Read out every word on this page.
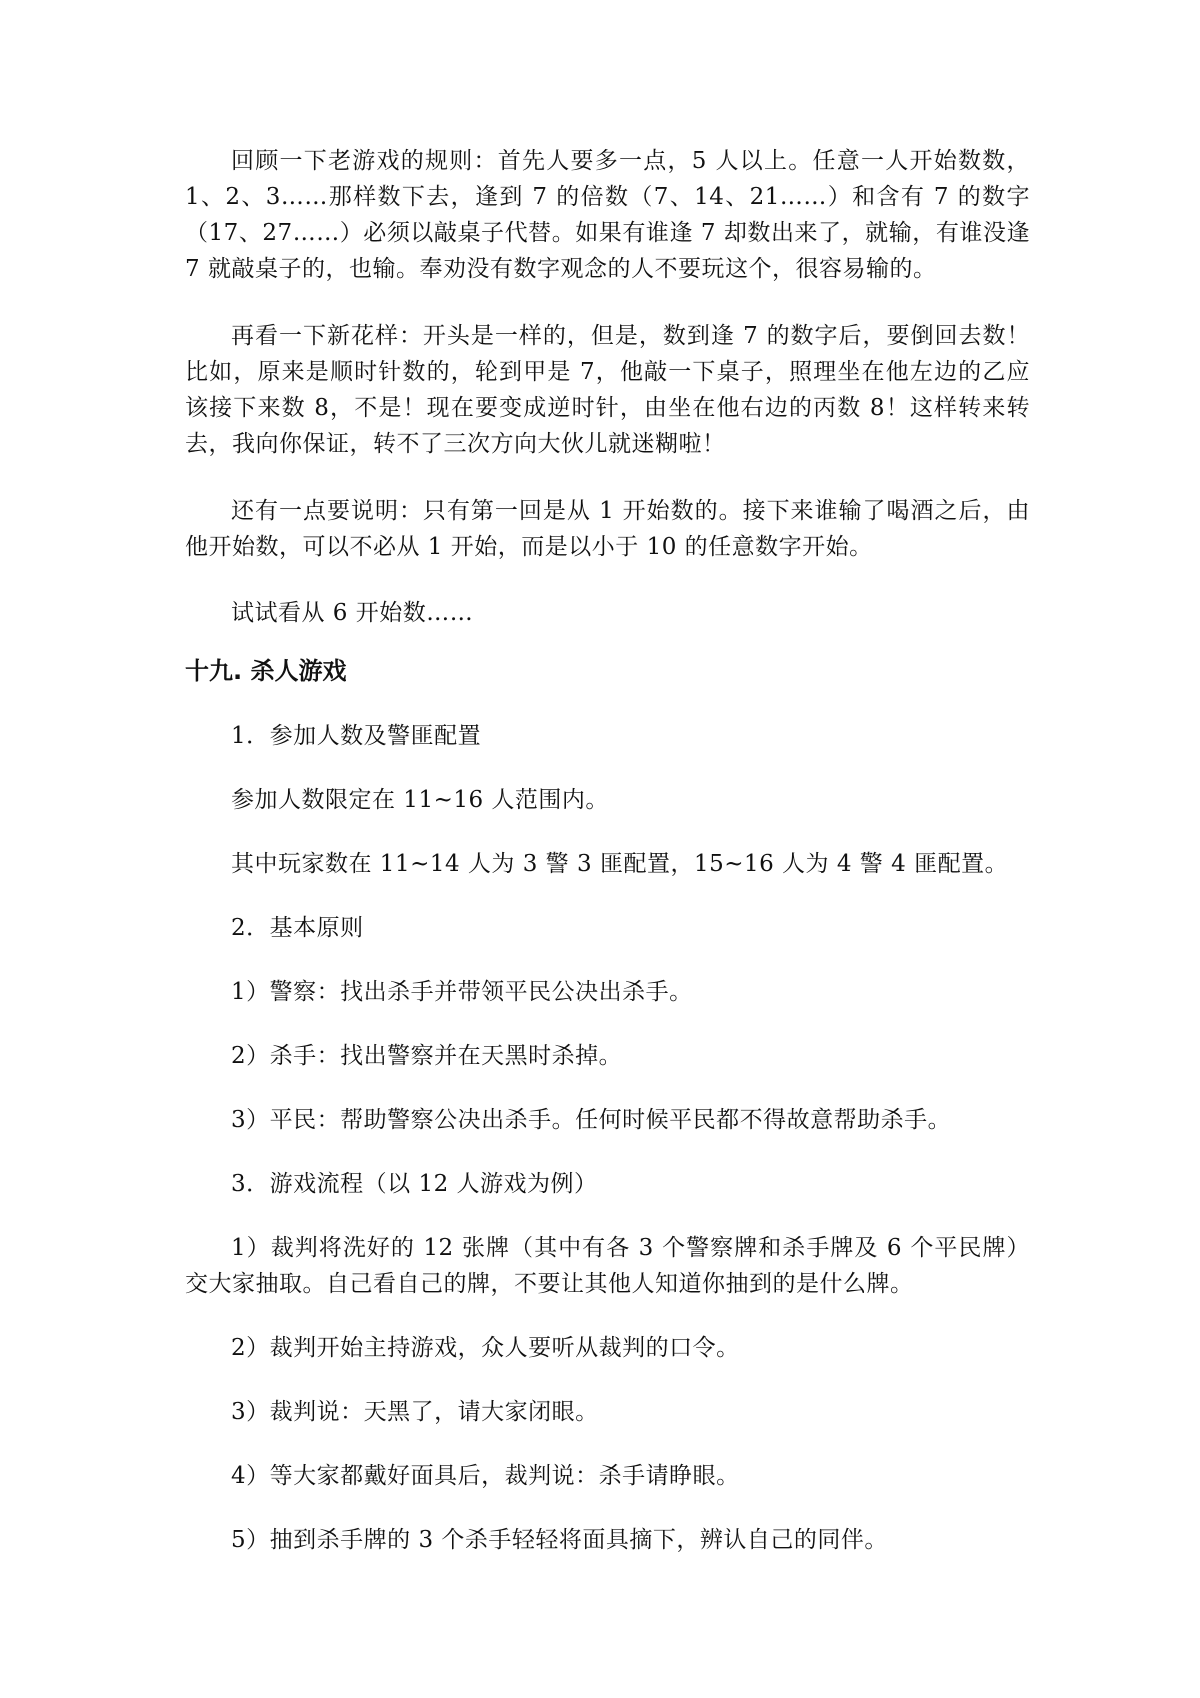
回顾一下老游戏的规则：首先人要多一点，5 人以上。任意一人开始数数，1、2、3……那样数下去，逢到 7 的倍数（7、14、21……）和含有 7 的数字（17、27……）必须以敲桌子代替。如果有谁逢 7 却数出来了，就输，有谁没逢 7 就敲桌子的，也输。奉劝没有数字观念的人不要玩这个，很容易输的。

再看一下新花样：开头是一样的，但是，数到逢 7 的数字后，要倒回去数！比如，原来是顺时针数的，轮到甲是 7，他敲一下桌子，照理坐在他左边的乙应该接下来数 8，不是！现在要变成逆时针，由坐在他右边的丙数 8！这样转来转去，我向你保证，转不了三次方向大伙儿就迷糊啦！

还有一点要说明：只有第一回是从 1 开始数的。接下来谁输了喝酒之后，由他开始数，可以不必从 1 开始，而是以小于 10 的任意数字开始。

试试看从 6 开始数……

十九. 杀人游戏

1．参加人数及警匪配置

参加人数限定在 11~16 人范围内。

其中玩家数在 11~14 人为 3 警 3 匪配置，15~16 人为 4 警 4 匪配置。

2．基本原则

1）警察：找出杀手并带领平民公决出杀手。

2）杀手：找出警察并在天黑时杀掉。

3）平民：帮助警察公决出杀手。任何时候平民都不得故意帮助杀手。

3．游戏流程（以 12 人游戏为例）

1）裁判将洗好的 12 张牌（其中有各 3 个警察牌和杀手牌及 6 个平民牌）交大家抽取。自己看自己的牌，不要让其他人知道你抽到的是什么牌。

2）裁判开始主持游戏，众人要听从裁判的口令。

3）裁判说：天黑了，请大家闭眼。

4）等大家都戴好面具后，裁判说：杀手请睁眼。

5）抽到杀手牌的 3 个杀手轻轻将面具摘下，辨认自己的同伴。
